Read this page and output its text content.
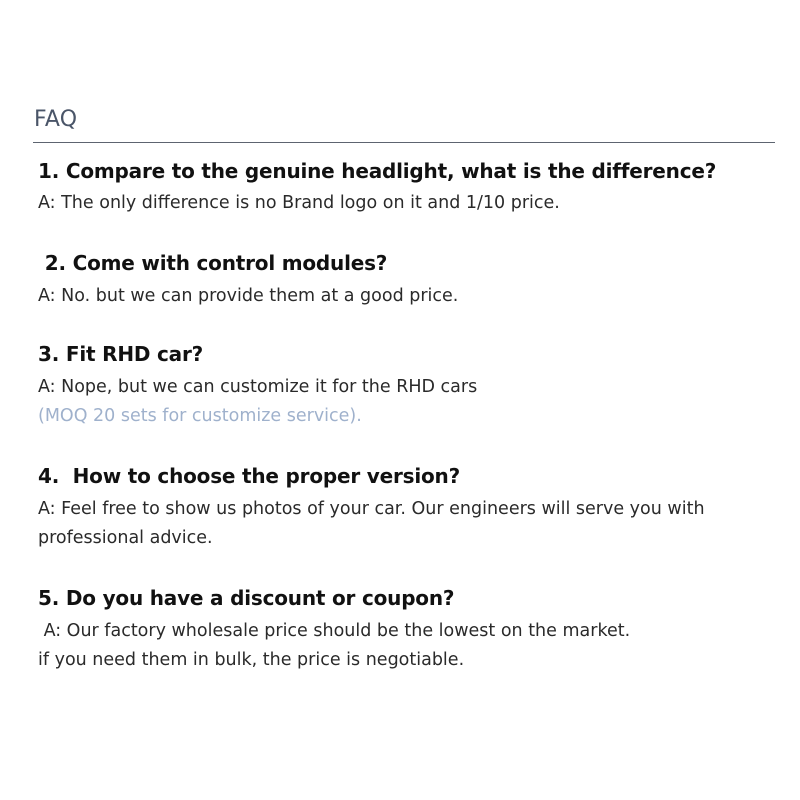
FAQ
1. Compare to the genuine headlight, what is the difference?
A: The only difference is no Brand logo on it and 1/10 price.
2. Come with control modules?
A: No. but we can provide them at a good price.
3. Fit RHD car?
A: Nope, but we can customize it for the RHD cars
(MOQ 20 sets for customize service).
4.  How to choose the proper version?
A: Feel free to show us photos of your car. Our engineers will serve you with
professional advice.
5. Do you have a discount or coupon?
A: Our factory wholesale price should be the lowest on the market.
if you need them in bulk, the price is negotiable.
